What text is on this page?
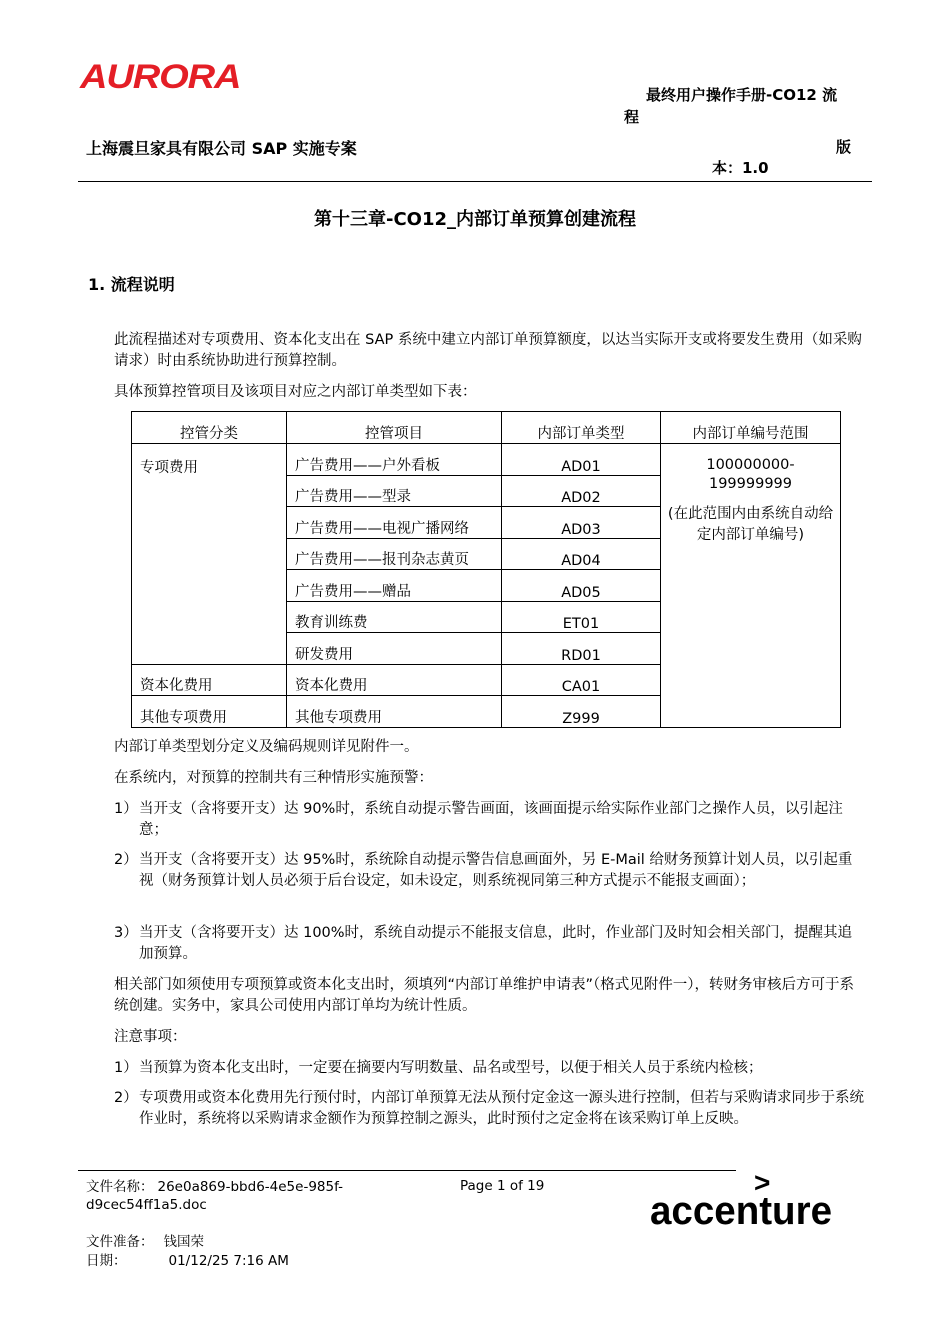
AURORA	最终用户操作手册-CO12 流
程
上海震旦家具有限公司 SAP 实施专案	版
本：1.0
第十三章-CO12_内部订单预算创建流程
1. 流程说明
此流程描述对专项费用、资本化支出在 SAP 系统中建立内部订单预算额度，以达当实际开支或将要发生费用（如采购请求）时由系统协助进行预算控制。
具体预算控管项目及该项目对应之内部订单类型如下表：
控管分类	控管项目	内部订单类型	内部订单编号范围
专项费用	广告费用——户外看板	AD01	100000000-
199999999
(在此范围内由系统自动给定内部订单编号)

	广告费用——型录	AD02	
	广告费用——电视广播网络	AD03	
	广告费用——报刊杂志黄页	AD04	
	广告费用——赠品	AD05	
	教育训练费	ET01	
	研发费用	RD01	
资本化费用	资本化费用	CA01	
其他专项费用	其他专项费用	Z999	
内部订单类型划分定义及编码规则详见附件一。
在系统内，对预算的控制共有三种情形实施预警：
1） 当开支（含将要开支）达 90%时，系统自动提示警告画面，该画面提示给实际作业部门之操作人员，以引起注意；
2） 当开支（含将要开支）达 95%时，系统除自动提示警告信息画面外，另 E-Mail 给财务预算计划人员，以引起重视（财务预算计划人员必须于后台设定，如未设定，则系统视同第三种方式提示不能报支画面）；
3） 当开支（含将要开支）达 100%时，系统自动提示不能报支信息，此时，作业部门及时知会相关部门，提醒其追加预算。
相关部门如须使用专项预算或资本化支出时，须填列“内部订单维护申请表”（格式见附件一），转财务审核后方可于系统创建。实务中，家具公司使用内部订单均为统计性质。
注意事项：
1） 当预算为资本化支出时，一定要在摘要内写明数量、品名或型号，以便于相关人员于系统内检核；
2） 专项费用或资本化费用先行预付时，内部订单预算无法从预付定金这一源头进行控制，但若与采购请求同步于系统作业时，系统将以采购请求金额作为预算控制之源头，此时预付之定金将在该采购订单上反映。
文件名称： 26e0a869-bbd6-4e5e-985f-
d9cec54ff1a5.doc
Page 1 of 19
文件准备： 钱国荣
日期：	01/12/25 7:16 AM
>
accenture
